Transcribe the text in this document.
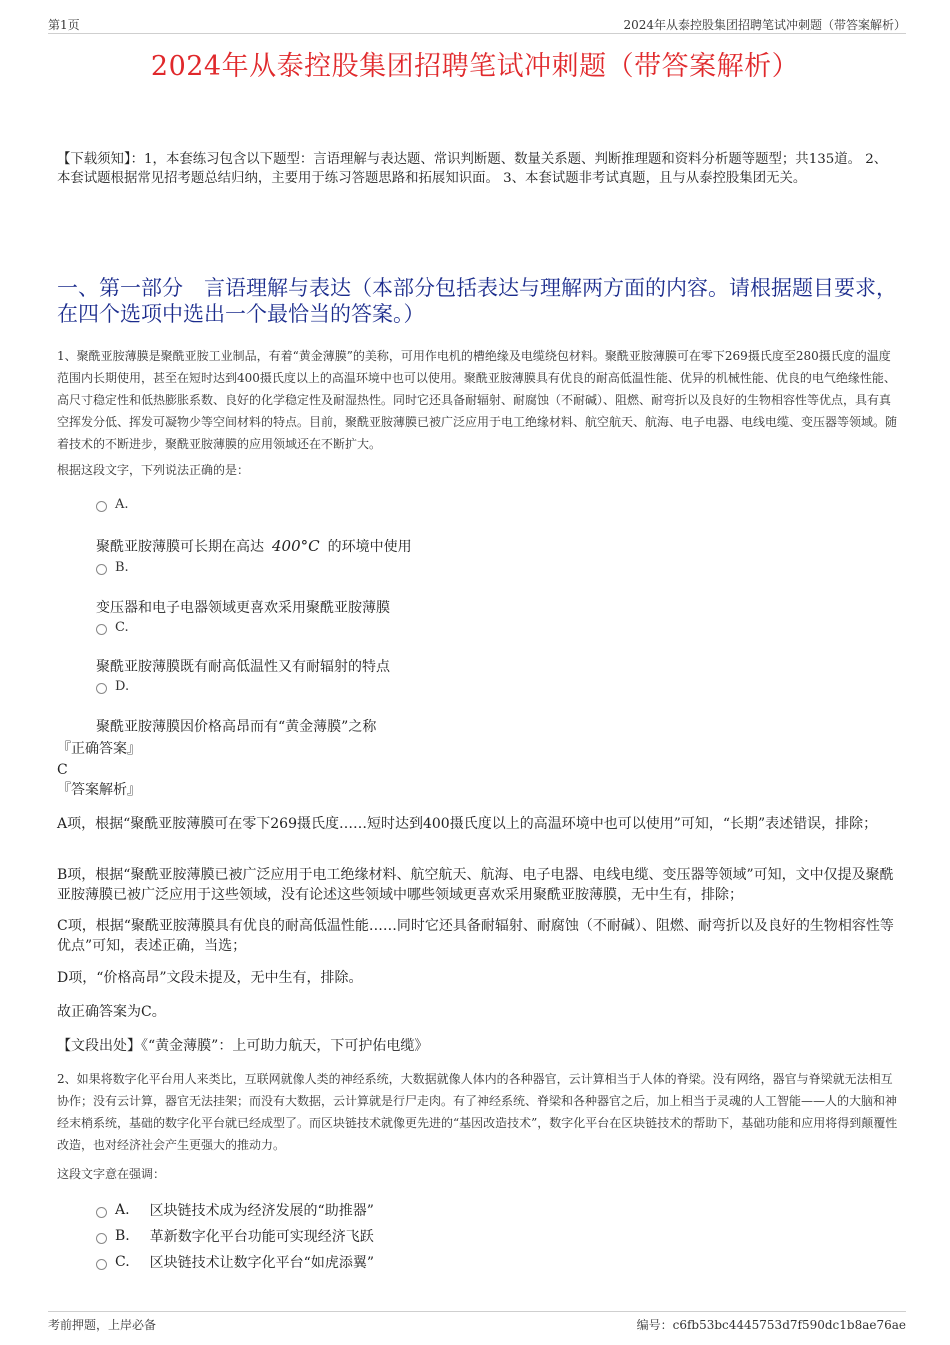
第1页	2024年从泰控股集团招聘笔试冲刺题（带答案解析）
2024年从泰控股集团招聘笔试冲刺题（带答案解析）
【下载须知】：1，本套练习包含以下题型：言语理解与表达题、常识判断题、数量关系题、判断推理题和资料分析题等题型；共135道。 2、本套试题根据常见招考题总结归纳，主要用于练习答题思路和拓展知识面。 3、本套试题非考试真题，且与从泰控股集团无关。
一、第一部分　言语理解与表达（本部分包括表达与理解两方面的内容。请根据题目要求，在四个选项中选出一个最恰当的答案。）
1、聚酰亚胺薄膜是聚酰亚胺工业制品，有着“黄金薄膜”的美称，可用作电机的槽绝缘及电缆绕包材料。聚酰亚胺薄膜可在零下269摄氏度至280摄氏度的温度范围内长期使用，甚至在短时达到400摄氏度以上的高温环境中也可以使用。聚酰亚胺薄膜具有优良的耐高低温性能、优异的机械性能、优良的电气绝缘性能、高尺寸稳定性和低热膨胀系数、良好的化学稳定性及耐湿热性。同时它还具备耐辐射、耐腐蚀（不耐碱）、阻燃、耐弯折以及良好的生物相容性等优点，具有真空挥发分低、挥发可凝物少等空间材料的特点。目前，聚酰亚胺薄膜已被广泛应用于电工绝缘材料、航空航天、航海、电子电器、电线电缆、变压器等领域。随着技术的不断进步，聚酰亚胺薄膜的应用领域还在不断扩大。
根据这段文字，下列说法正确的是：
A.
聚酰亚胺薄膜可长期在高达 400°C 的环境中使用
B.
变压器和电子电器领域更喜欢采用聚酰亚胺薄膜
C.
聚酰亚胺薄膜既有耐高低温性又有耐辐射的特点
D.
聚酰亚胺薄膜因价格高昂而有“黄金薄膜”之称
『正确答案』
C
『答案解析』
A项，根据“聚酰亚胺薄膜可在零下269摄氏度……短时达到400摄氏度以上的高温环境中也可以使用”可知，“长期”表述错误，排除；
B项，根据“聚酰亚胺薄膜已被广泛应用于电工绝缘材料、航空航天、航海、电子电器、电线电缆、变压器等领域”可知，文中仅提及聚酰亚胺薄膜已被广泛应用于这些领域，没有论述这些领域中哪些领域更喜欢采用聚酰亚胺薄膜，无中生有，排除；
C项，根据“聚酰亚胺薄膜具有优良的耐高低温性能……同时它还具备耐辐射、耐腐蚀（不耐碱）、阻燃、耐弯折以及良好的生物相容性等优点”可知，表述正确，当选；
D项，“价格高昂”文段未提及，无中生有，排除。
故正确答案为C。
【文段出处】《“黄金薄膜”：上可助力航天，下可护佑电缆》
2、如果将数字化平台用人来类比，互联网就像人类的神经系统，大数据就像人体内的各种器官，云计算相当于人体的脊梁。没有网络，器官与脊梁就无法相互协作；没有云计算，器官无法挂架；而没有大数据，云计算就是行尸走肉。有了神经系统、脊梁和各种器官之后，加上相当于灵魂的人工智能——人的大脑和神经末梢系统，基础的数字化平台就已经成型了。而区块链技术就像更先进的“基因改造技术”，数字化平台在区块链技术的帮助下，基础功能和应用将得到颠覆性改造，也对经济社会产生更强大的推动力。
这段文字意在强调：
A. 区块链技术成为经济发展的“助推器”
B. 革新数字化平台功能可实现经济飞跃
C. 区块链技术让数字化平台“如虎添翼”
考前押题，上岸必备	编号：c6fb53bc4445753d7f590dc1b8ae76ae
